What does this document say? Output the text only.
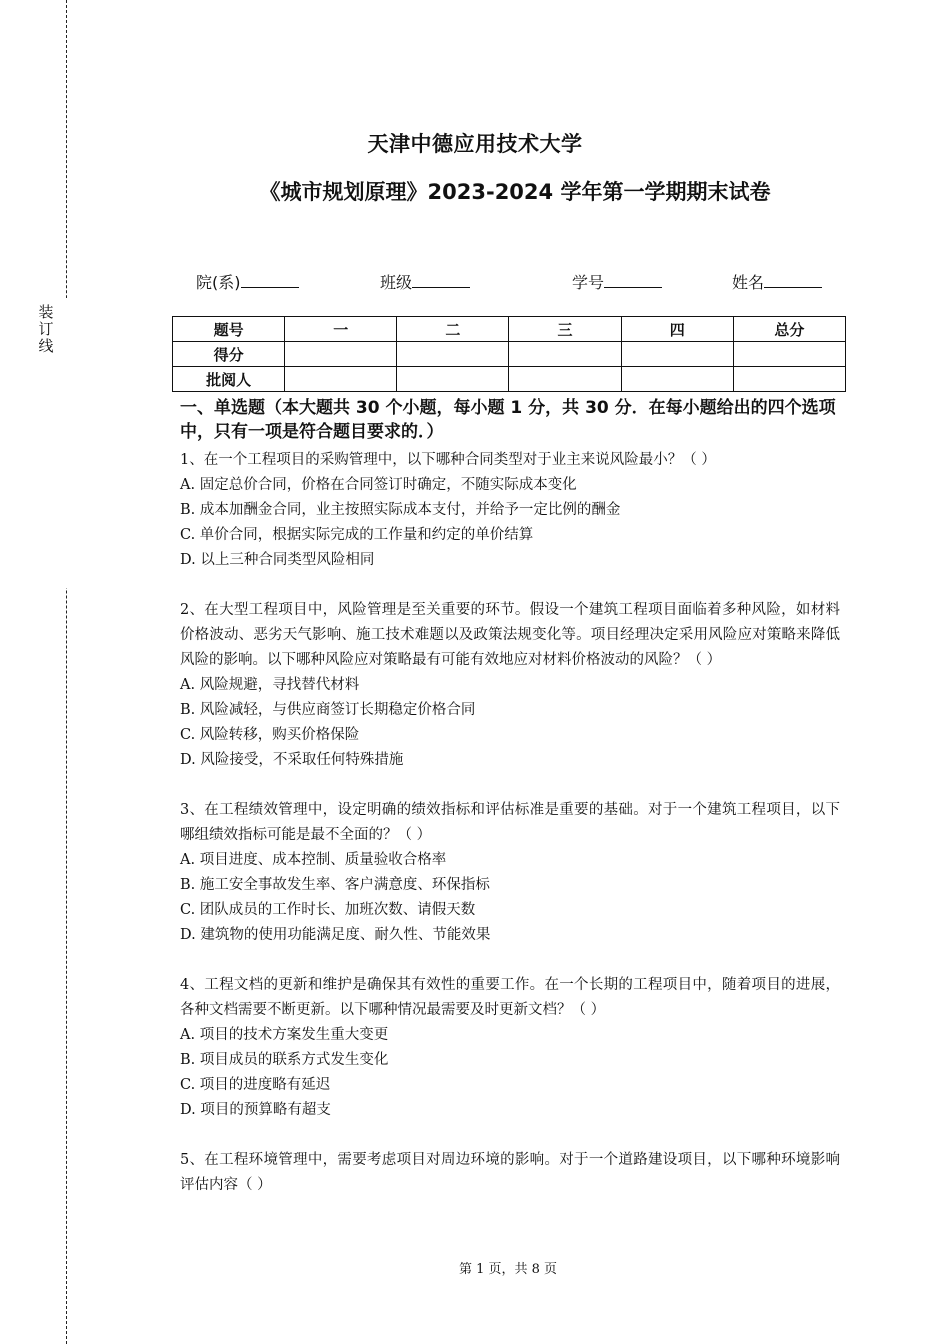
装
订
线
天津中德应用技术大学
《城市规划原理》2023-2024 学年第一学期期末试卷
院(系)	班级	学号	姓名
题号	一	二	三	四	总分
得分					
批阅人					

一、单选题（本大题共 30 个小题，每小题 1 分，共 30 分．在每小题给出的四个选项中，只有一项是符合题目要求的．）

1、在一个工程项目的采购管理中，以下哪种合同类型对于业主来说风险最小？（ ）

A. 固定总价合同，价格在合同签订时确定，不随实际成本变化

B. 成本加酬金合同，业主按照实际成本支付，并给予一定比例的酬金

C. 单价合同，根据实际完成的工作量和约定的单价结算

D. 以上三种合同类型风险相同

2、在大型工程项目中，风险管理是至关重要的环节。假设一个建筑工程项目面临着多种风险，如材料价格波动、恶劣天气影响、施工技术难题以及政策法规变化等。项目经理决定采用风险应对策略来降低风险的影响。以下哪种风险应对策略最有可能有效地应对材料价格波动的风险？（ ）

A. 风险规避，寻找替代材料

B. 风险减轻，与供应商签订长期稳定价格合同

C. 风险转移，购买价格保险

D. 风险接受，不采取任何特殊措施

3、在工程绩效管理中，设定明确的绩效指标和评估标准是重要的基础。对于一个建筑工程项目，以下哪组绩效指标可能是最不全面的？（ ）

A. 项目进度、成本控制、质量验收合格率

B. 施工安全事故发生率、客户满意度、环保指标

C. 团队成员的工作时长、加班次数、请假天数

D. 建筑物的使用功能满足度、耐久性、节能效果

4、工程文档的更新和维护是确保其有效性的重要工作。在一个长期的工程项目中，随着项目的进展，各种文档需要不断更新。以下哪种情况最需要及时更新文档？（ ）

A. 项目的技术方案发生重大变更

B. 项目成员的联系方式发生变化

C. 项目的进度略有延迟

D. 项目的预算略有超支

5、在工程环境管理中，需要考虑项目对周边环境的影响。对于一个道路建设项目，以下哪种环境影响评估内容（ ）

第 1 页，共 8 页
